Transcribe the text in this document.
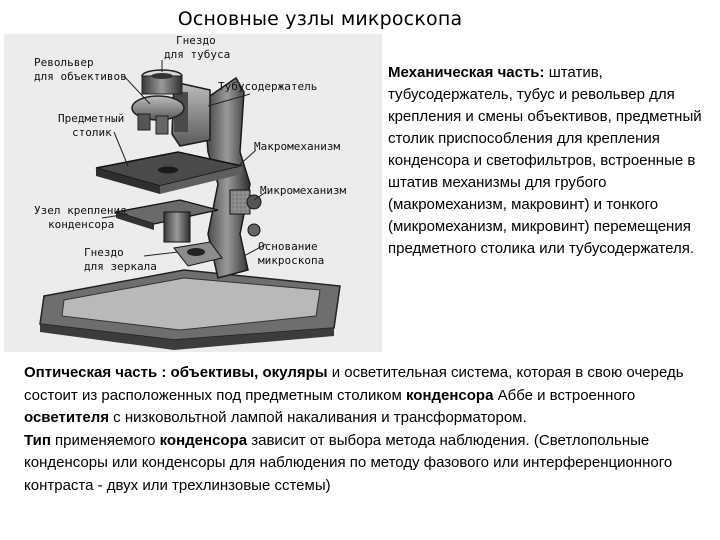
Основные узлы микроскопа
Гнездо
для тубуса
Револьвер
для объективов
Тубусодержатель
Предметный
столик
Макромеханизм
Микромеханизм
Узел крепления
конденсора
Основание
микроскопа
Гнездо
для зеркала
Механическая часть: штатив, тубусодержатель, тубус и револьвер для крепления и смены объективов, предметный столик приспособления для крепления конденсора и светофильтров, встроенные в штатив механизмы для грубого (макромеханизм, макровинт) и тонкого (микромеханизм, микровинт) перемещения предметного столика или тубусодержателя.
Оптическая часть : объективы, окуляры и осветительная система, которая в свою очередь состоит из расположенных под предметным столиком конденсора Аббе и встроенного осветителя с низковольтной лампой накаливания и трансформатором.
Тип применяемого конденсора зависит от выбора метода наблюдения. (Светлопольные конденсоры или конденсоры для наблюдения по методу фазового или интерференционного контраста - двух или трехлинзовые сстемы)
